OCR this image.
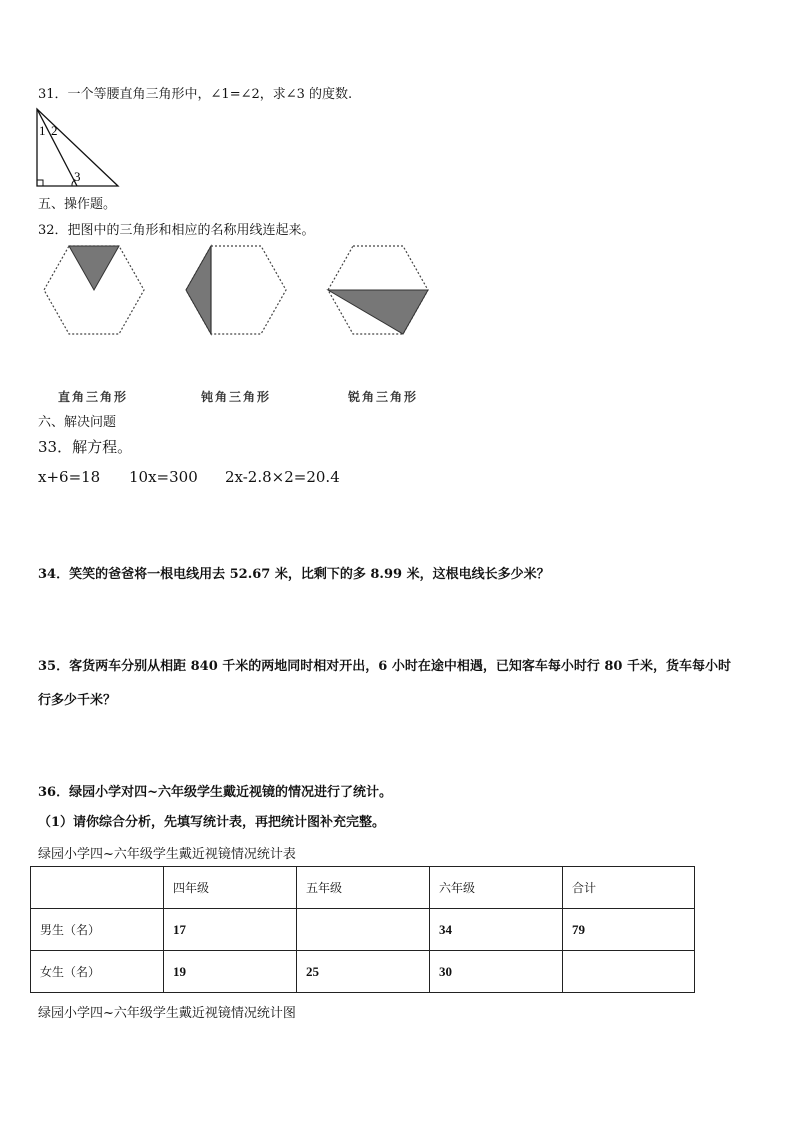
31．一个等腰直角三角形中，∠1=∠2，求∠3 的度数.
1 2
3
五、操作题。
32．把图中的三角形和相应的名称用线连起来。
直角三角形	钝角三角形	锐角三角形
六、解决问题
33．解方程。
x+6=18 10x=300 2x-2.8×2=20.4
34．笑笑的爸爸将一根电线用去 52.67 米，比剩下的多 8.99 米，这根电线长多少米？
35．客货两车分别从相距 840 千米的两地同时相对开出，6 小时在途中相遇，已知客车每小时行 80 千米，货车每小时
行多少千米？
36．绿园小学对四~六年级学生戴近视镜的情况进行了统计。
（1）请你综合分析，先填写统计表，再把统计图补充完整。
绿园小学四~六年级学生戴近视镜情况统计表
	四年级	五年级	六年级	合计
男生（名）	17		34	79
女生（名）	19	25	30	
绿园小学四~六年级学生戴近视镜情况统计图
